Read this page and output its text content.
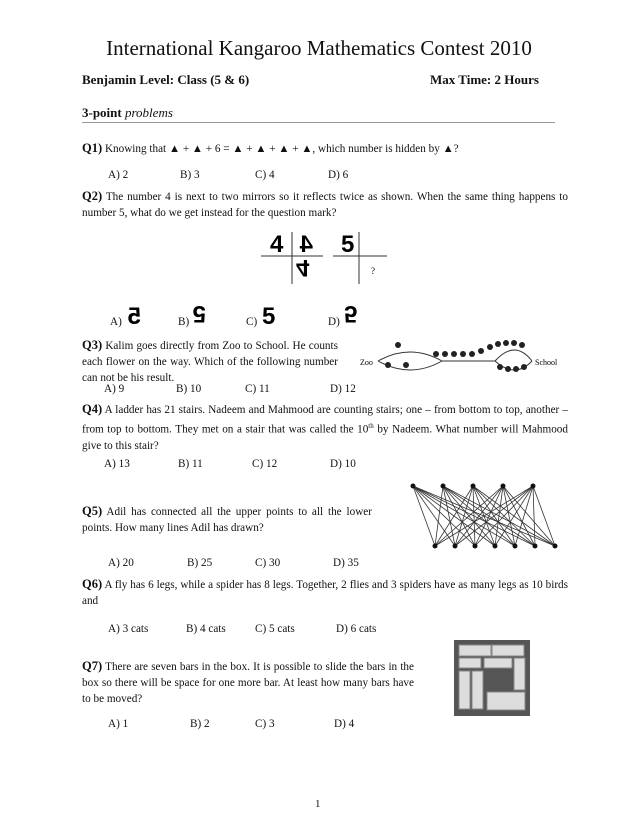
International Kangaroo Mathematics Contest 2010
Benjamin Level: Class (5 & 6)	Max Time: 2 Hours
3-point problems
Q1) Knowing that ▲ + ▲ + 6 = ▲ + ▲ + ▲ + ▲, which number is hidden by ▲?
A) 2	B) 3	C) 4	D) 6
Q2) The number 4 is next to two mirrors so it reflects twice as shown. When the same thing happens to number 5, what do we get instead for the question mark?
4 4
4
5
?
A) 5	B) 5	C) 5	D) 5
Q3) Kalim goes directly from Zoo to School. He counts each flower on the way. Which of the following number can not be his result.
Zoo	School
A) 9	B) 10	C) 11	D) 12
Q4) A ladder has 21 stairs. Nadeem and Mahmood are counting stairs; one – from bottom to top, another – from top to bottom. They met on a stair that was called the 10th by Nadeem. What number will Mahmood give to this stair?
A) 13	B) 11	C) 12	D) 10
Q5) Adil has connected all the upper points to all the lower points. How many lines Adil has drawn?
A) 20	B) 25	C) 30	D) 35
Q6) A fly has 6 legs, while a spider has 8 legs. Together, 2 flies and 3 spiders have as many legs as 10 birds and
A) 3 cats	B) 4 cats	C) 5 cats	D) 6 cats
Q7) There are seven bars in the box. It is possible to slide the bars in the box so there will be space for one more bar. At least how many bars have to be moved?
A) 1	B) 2	C) 3	D) 4
1
